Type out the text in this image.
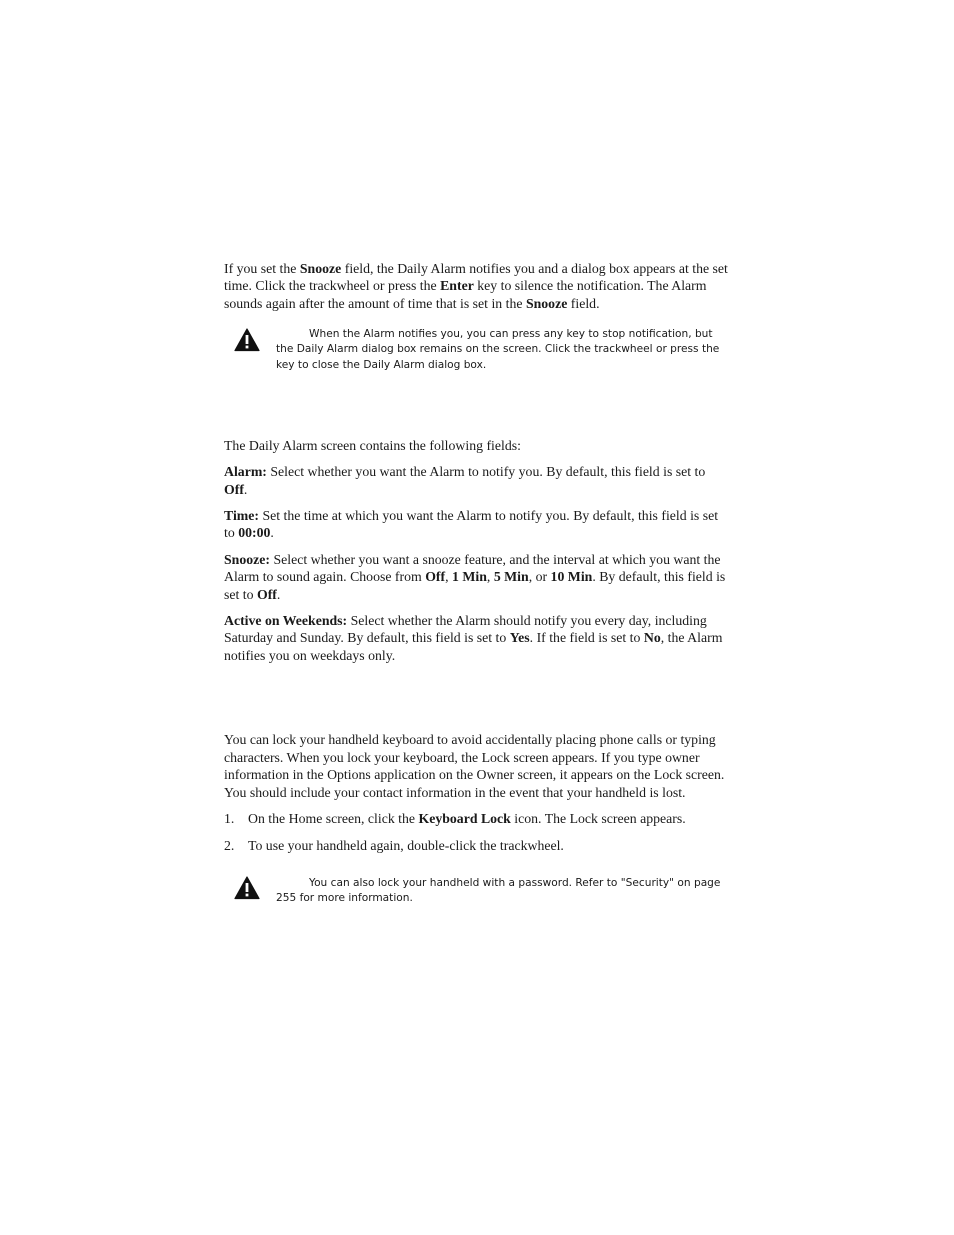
If you set the Snooze field, the Daily Alarm notifies you and a dialog box appears at the set time. Click the trackwheel or press the Enter key to silence the notification. The Alarm sounds again after the amount of time that is set in the Snooze field.

When the Alarm notifies you, you can press any key to stop notification, but the Daily Alarm dialog box remains on the screen. Click the trackwheel or press the
key to close the Daily Alarm dialog box.

The Daily Alarm screen contains the following fields:

Alarm: Select whether you want the Alarm to notify you. By default, this field is set to Off.

Time: Set the time at which you want the Alarm to notify you. By default, this field is set to 00:00.

Snooze: Select whether you want a snooze feature, and the interval at which you want the Alarm to sound again. Choose from Off, 1 Min, 5 Min, or 10 Min. By default, this field is set to Off.

Active on Weekends: Select whether the Alarm should notify you every day, including Saturday and Sunday. By default, this field is set to Yes. If the field is set to No, the Alarm notifies you on weekdays only.

You can lock your handheld keyboard to avoid accidentally placing phone calls or typing characters. When you lock your keyboard, the Lock screen appears. If you type owner information in the Options application on the Owner screen, it appears on the Lock screen. You should include your contact information in the event that your handheld is lost.

1. On the Home screen, click the Keyboard Lock icon. The Lock screen appears.
2. To use your handheld again, double-click the trackwheel.
You can also lock your handheld with a password. Refer to "Security" on page 255 for more information.
